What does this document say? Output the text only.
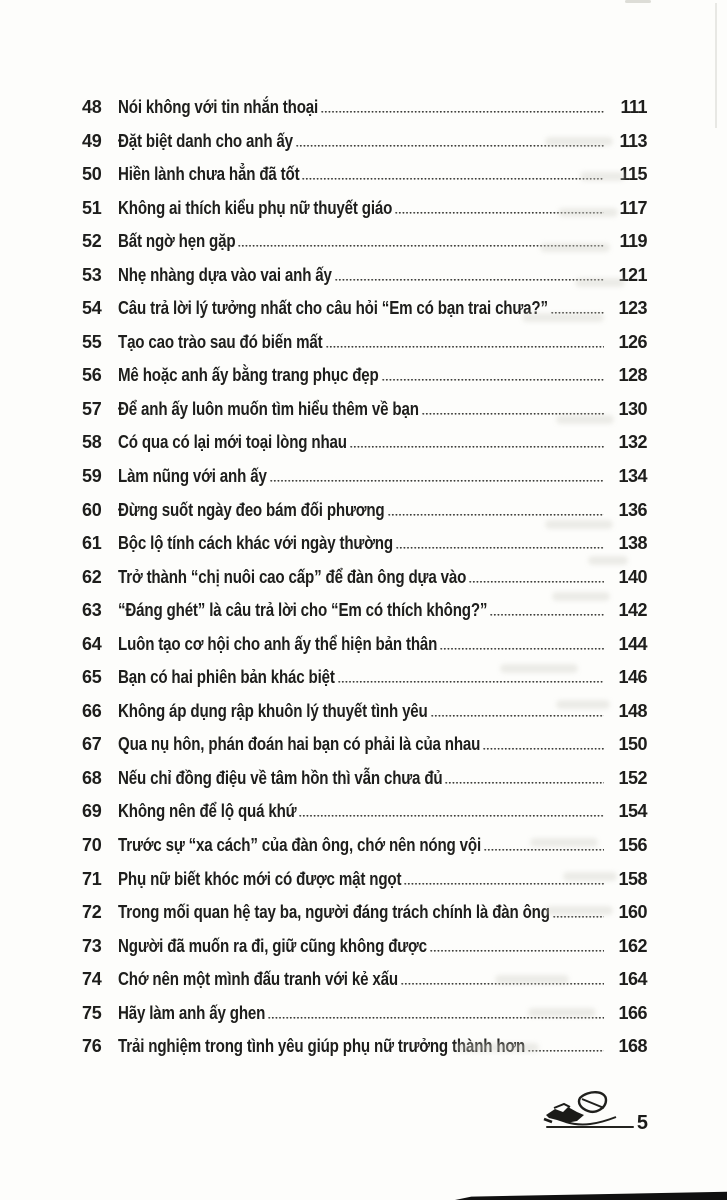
48 Nói không với tin nhắn thoại	111
49 Đặt biệt danh cho anh ấy	113
50 Hiền lành chưa hẳn đã tốt	115
51 Không ai thích kiểu phụ nữ thuyết giáo	117
52 Bất ngờ hẹn gặp	119
53 Nhẹ nhàng dựa vào vai anh ấy	121
54 Câu trả lời lý tưởng nhất cho câu hỏi “Em có bạn trai chưa?”	123
55 Tạo cao trào sau đó biến mất	126
56 Mê hoặc anh ấy bằng trang phục đẹp	128
57 Để anh ấy luôn muốn tìm hiểu thêm về bạn	130
58 Có qua có lại mới toại lòng nhau	132
59 Làm nũng với anh ấy	134
60 Đừng suốt ngày đeo bám đối phương	136
61 Bộc lộ tính cách khác với ngày thường	138
62 Trở thành “chị nuôi cao cấp” để đàn ông dựa vào	140
63 “Đáng ghét” là câu trả lời cho “Em có thích không?”	142
64 Luôn tạo cơ hội cho anh ấy thể hiện bản thân	144
65 Bạn có hai phiên bản khác biệt	146
66 Không áp dụng rập khuôn lý thuyết tình yêu	148
67 Qua nụ hôn, phán đoán hai bạn có phải là của nhau	150
68 Nếu chỉ đồng điệu về tâm hồn thì vẫn chưa đủ	152
69 Không nên để lộ quá khứ	154
70 Trước sự “xa cách” của đàn ông, chớ nên nóng vội	156
71 Phụ nữ biết khóc mới có được mật ngọt	158
72 Trong mối quan hệ tay ba, người đáng trách chính là đàn ông	160
73 Người đã muốn ra đi, giữ cũng không được	162
74 Chớ nên một mình đấu tranh với kẻ xấu	164
75 Hãy làm anh ấy ghen	166
76 Trải nghiệm trong tình yêu giúp phụ nữ trưởng thành hơn	168
5
